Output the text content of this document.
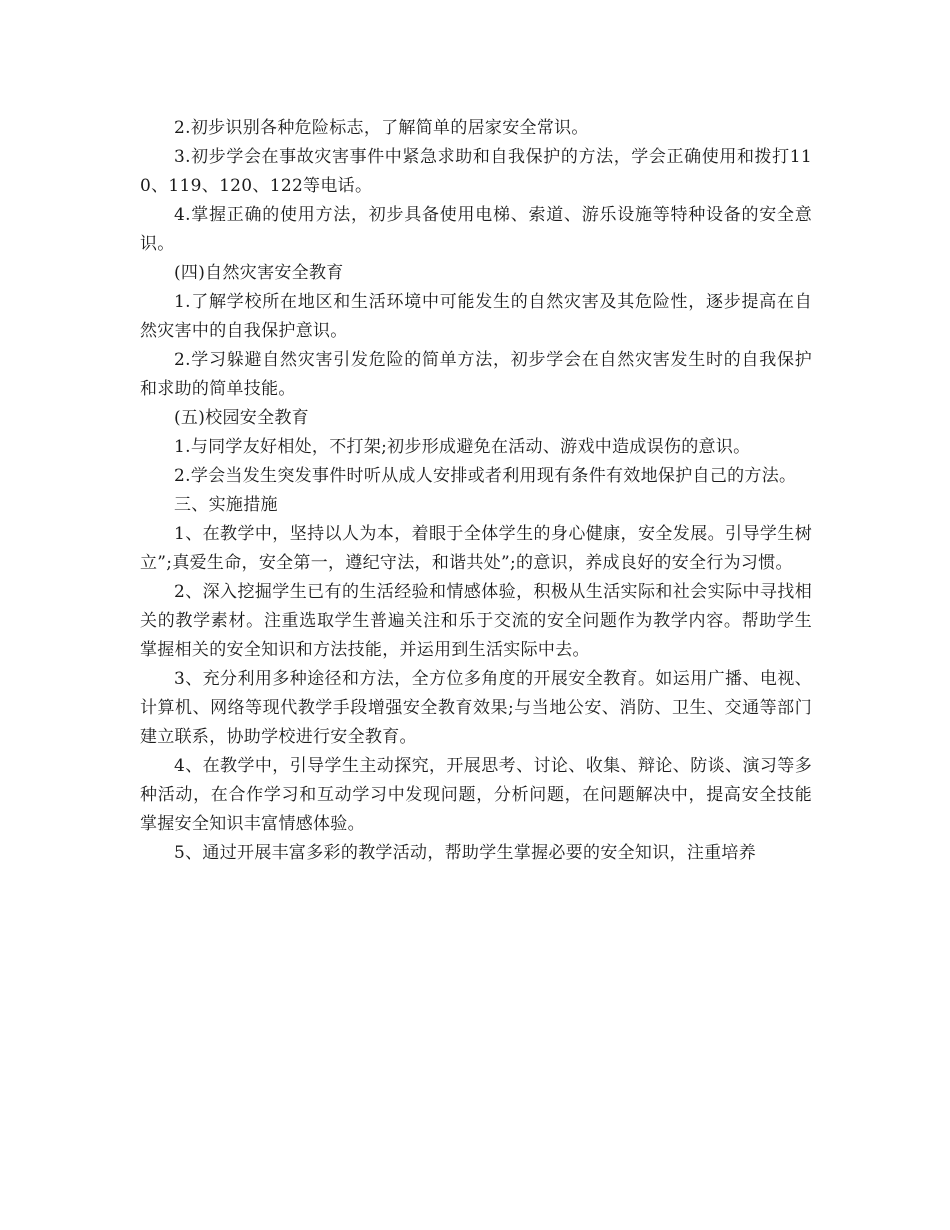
2.初步识别各种危险标志，了解简单的居家安全常识。

3.初步学会在事故灾害事件中紧急求助和自我保护的方法，学会正确使用和拨打110、119、120、122等电话。

4.掌握正确的使用方法，初步具备使用电梯、索道、游乐设施等特种设备的安全意识。

(四)自然灾害安全教育

1.了解学校所在地区和生活环境中可能发生的自然灾害及其危险性，逐步提高在自然灾害中的自我保护意识。

2.学习躲避自然灾害引发危险的简单方法，初步学会在自然灾害发生时的自我保护和求助的简单技能。

(五)校园安全教育

1.与同学友好相处，不打架;初步形成避免在活动、游戏中造成误伤的意识。

2.学会当发生突发事件时听从成人安排或者利用现有条件有效地保护自己的方法。

三、实施措施

1、在教学中，坚持以人为本，着眼于全体学生的身心健康，安全发展。引导学生树立”;真爱生命，安全第一，遵纪守法，和谐共处”;的意识，养成良好的安全行为习惯。

2、深入挖掘学生已有的生活经验和情感体验，积极从生活实际和社会实际中寻找相关的教学素材。注重选取学生普遍关注和乐于交流的安全问题作为教学内容。帮助学生掌握相关的安全知识和方法技能，并运用到生活实际中去。

3、充分利用多种途径和方法，全方位多角度的开展安全教育。如运用广播、电视、计算机、网络等现代教学手段增强安全教育效果;与当地公安、消防、卫生、交通等部门建立联系，协助学校进行安全教育。

4、在教学中，引导学生主动探究，开展思考、讨论、收集、辩论、防谈、演习等多种活动，在合作学习和互动学习中发现问题，分析问题，在问题解决中，提高安全技能掌握安全知识丰富情感体验。

5、通过开展丰富多彩的教学活动，帮助学生掌握必要的安全知识，注重培养
